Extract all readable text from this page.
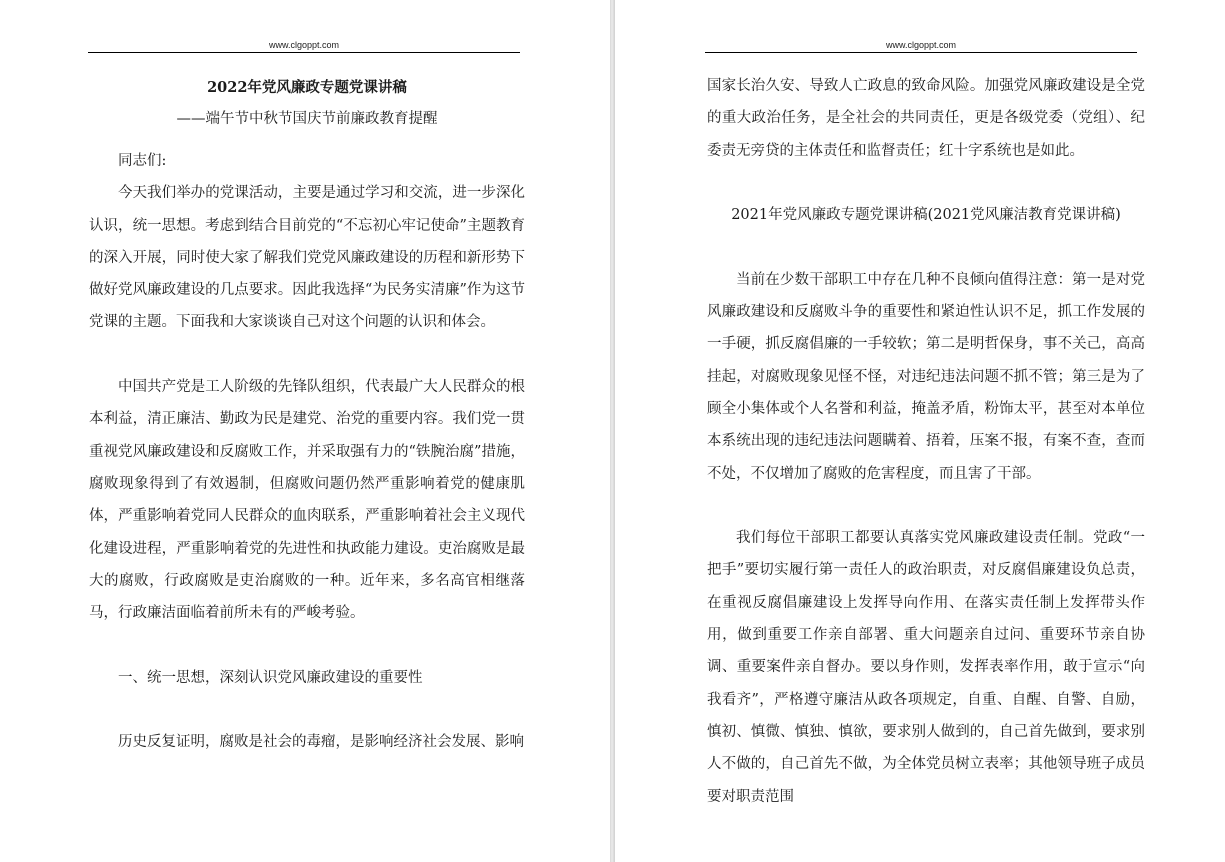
www.clgoppt.com

2022年党风廉政专题党课讲稿

——端午节中秋节国庆节前廉政教育提醒

同志们:

今天我们举办的党课活动，主要是通过学习和交流，进一步深化认识，统一思想。考虑到结合目前党的“不忘初心牢记使命”主题教育的深入开展，同时使大家了解我们党党风廉政建设的历程和新形势下做好党风廉政建设的几点要求。因此我选择“为民务实清廉”作为这节党课的主题。下面我和大家谈谈自己对这个问题的认识和体会。

中国共产党是工人阶级的先锋队组织，代表最广大人民群众的根本利益，清正廉洁、勤政为民是建党、治党的重要内容。我们党一贯重视党风廉政建设和反腐败工作，并采取强有力的“铁腕治腐”措施，腐败现象得到了有效遏制，但腐败问题仍然严重影响着党的健康肌体，严重影响着党同人民群众的血肉联系，严重影响着社会主义现代化建设进程，严重影响着党的先进性和执政能力建设。吏治腐败是最大的腐败，行政腐败是吏治腐败的一种。近年来，多名高官相继落马，行政廉洁面临着前所未有的严峻考验。

一、统一思想，深刻认识党风廉政建设的重要性

历史反复证明，腐败是社会的毒瘤，是影响经济社会发展、影响

www.clgoppt.com

国家长治久安、导致人亡政息的致命风险。加强党风廉政建设是全党的重大政治任务，是全社会的共同责任，更是各级党委（党组）、纪委责无旁贷的主体责任和监督责任；红十字系统也是如此。

2021年党风廉政专题党课讲稿(2021党风廉洁教育党课讲稿)

当前在少数干部职工中存在几种不良倾向值得注意：第一是对党风廉政建设和反腐败斗争的重要性和紧迫性认识不足，抓工作发展的一手硬，抓反腐倡廉的一手较软；第二是明哲保身，事不关己，高高挂起，对腐败现象见怪不怪，对违纪违法问题不抓不管；第三是为了顾全小集体或个人名誉和利益，掩盖矛盾，粉饰太平，甚至对本单位本系统出现的违纪违法问题瞒着、捂着，压案不报，有案不查，查而不处，不仅增加了腐败的危害程度，而且害了干部。

我们每位干部职工都要认真落实党风廉政建设责任制。党政“一把手”要切实履行第一责任人的政治职责，对反腐倡廉建设负总责，在重视反腐倡廉建设上发挥导向作用、在落实责任制上发挥带头作用，做到重要工作亲自部署、重大问题亲自过问、重要环节亲自协调、重要案件亲自督办。要以身作则，发挥表率作用，敢于宣示“向我看齐”，严格遵守廉洁从政各项规定，自重、自醒、自警、自励，慎初、慎微、慎独、慎欲，要求别人做到的，自己首先做到，要求别人不做的，自己首先不做，为全体党员树立表率；其他领导班子成员要对职责范围
